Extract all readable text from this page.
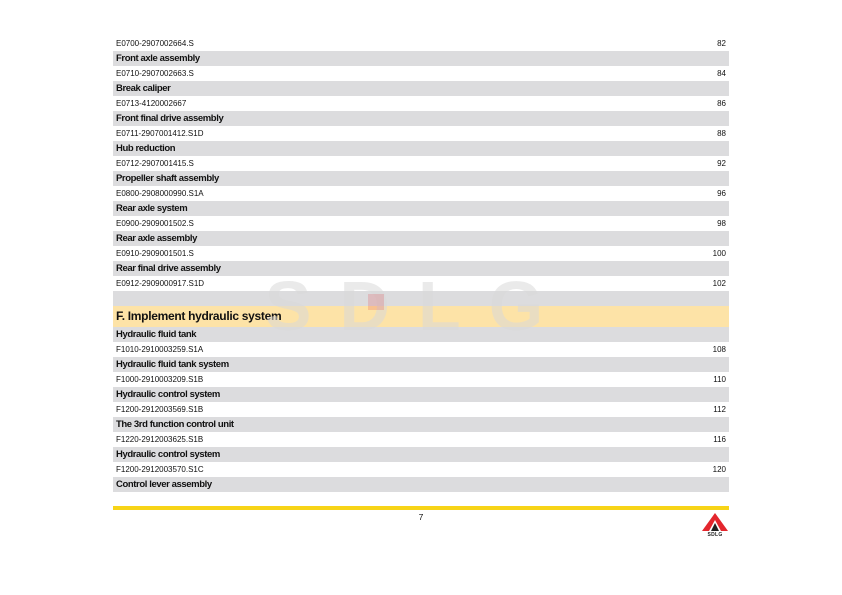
E0700-2907002664.S	82
Front axle assembly
E0710-2907002663.S	84
Break caliper
E0713-4120002667	86
Front final drive assembly
E0711-2907001412.S1D	88
Hub reduction
E0712-2907001415.S	92
Propeller shaft assembly
E0800-2908000990.S1A	96
Rear axle system
E0900-2909001502.S	98
Rear axle assembly
E0910-2909001501.S	100
Rear final drive assembly
E0912-2909000917.S1D	102
F. Implement hydraulic system
Hydraulic fluid tank
F1010-2910003259.S1A	108
Hydraulic fluid tank system
F1000-2910003209.S1B	110
Hydraulic control system
F1200-2912003569.S1B	112
The 3rd function control unit
F1220-2912003625.S1B	116
Hydraulic control system
F1200-2912003570.S1C	120
Control lever assembly
SDLG
7
SDLG
